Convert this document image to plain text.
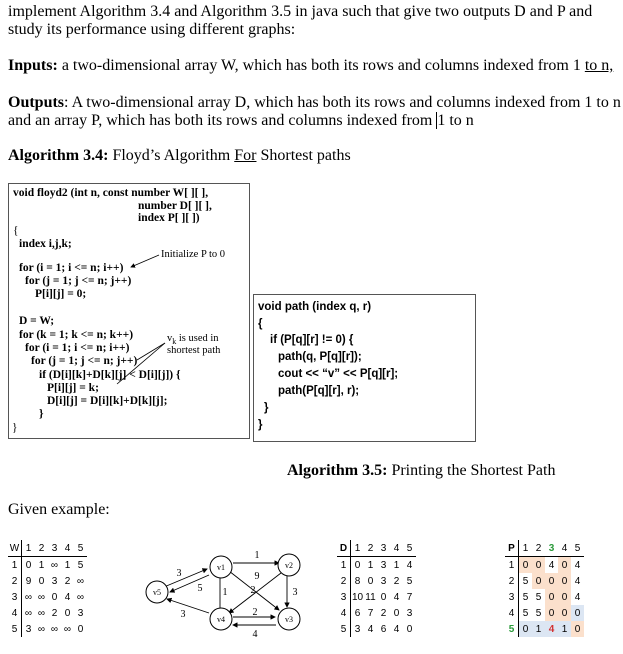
implement Algorithm 3.4 and Algorithm 3.5 in java such that give two outputs D and P and
study its performance using different graphs:
Inputs: a two-dimensional array W, which has both its rows and columns indexed from 1 to n,
Outputs: A two-dimensional array D, which has both its rows and columns indexed from 1 to n
and an array P, which has both its rows and columns indexed from 1 to n
Algorithm 3.4: Floyd’s Algorithm For Shortest paths
void floyd2 (int n, const number W[ ][ ],
number D[ ][ ],
index P[ ][ ])
{
index i,j,k;
for (i = 1; i <= n; i++)
for (j = 1; j <= n; j++)
P[i][j] = 0;
D = W;
for (k = 1; k <= n; k++)
for (i = 1; i <= n; i++)
for (j = 1; j <= n; j++)
if (D[i][k]+D[k][j] < D[i][j]) {
P[i][j] = k;
D[i][j] = D[i][k]+D[k][j];
}
}
Initialize P to 0
$v_k$ is used in
shortest path
void path (index q, r)
{
if (P[q][r] != 0) {
path(q, P[q][r]);
cout << “v” << P[q][r];
path(P[q][r], r);
}
}
Algorithm 3.5: Printing the Shortest Path
Given example:
W	1	2	3	4	5
1	0	1	∞	1	5
2	9	0	3	2	∞
3	∞	∞	0	4	∞
4	∞	∞	2	0	3
5	3	∞	∞	∞	0
v1	v2
v3
v4
v5
1
9
3
2
5
3
2
3
4
1
D	1	2	3	4	5
1	0	1	3	1	4
2	8	0	3	2	5
3	10	11	0	4	7
4	6	7	2	0	3
5	3	4	6	4	0
P	1	2	3	4	5
1	0	0	4	0	4
2	5	0	0	0	4
3	5	5	0	0	4
4	5	5	0	0	0
5	0	1	4	1	0
